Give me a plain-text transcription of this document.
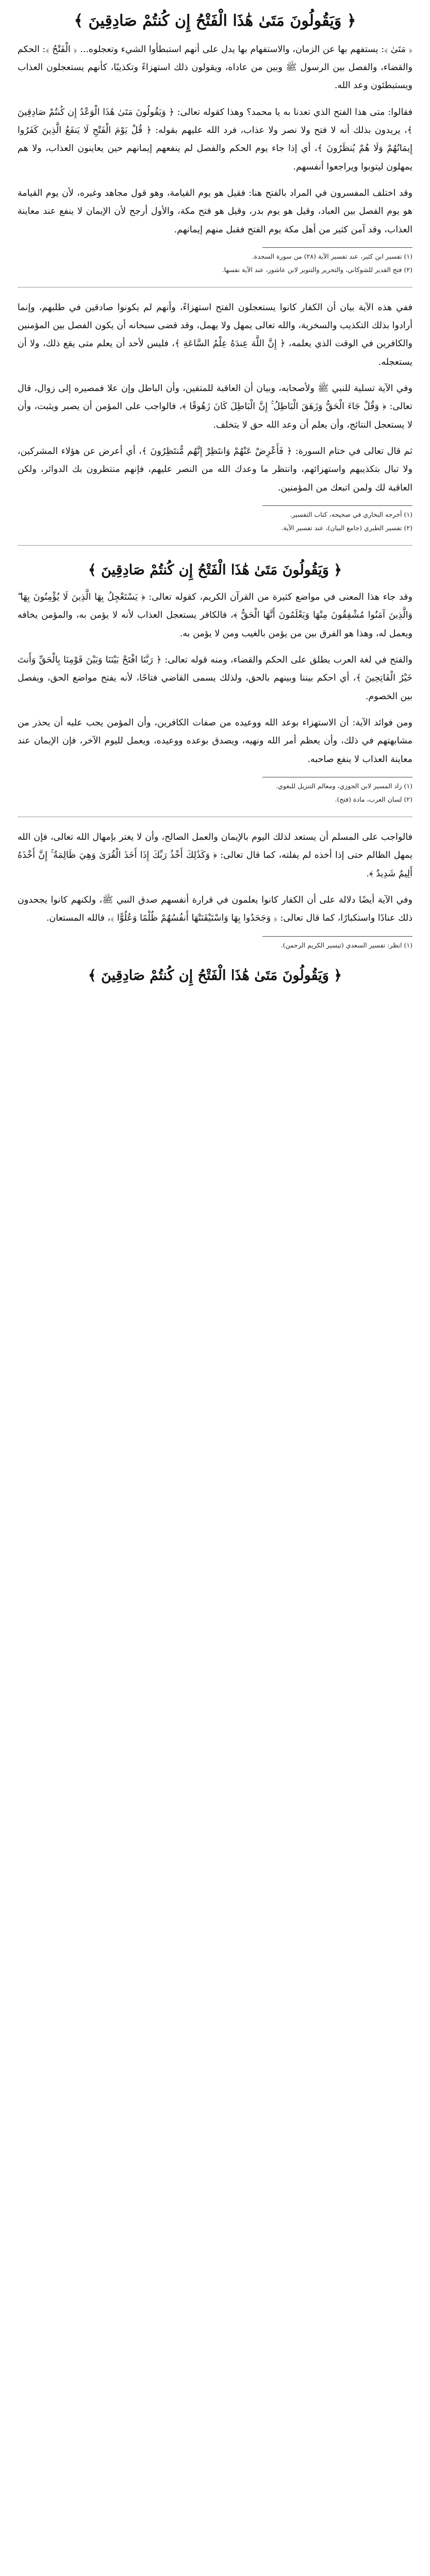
﴿ وَيَقُولُونَ مَتَىٰ هَٰذَا الْفَتْحُ إِن كُنتُمْ صَادِقِينَ ﴾

﴿ مَتَىٰ ﴾: يستفهم بها عن الزمان، والاستفهام بها يدل على أنهم استبطأوا الشيء وتعجلوه... ﴿ الْفَتْحُ ﴾: الحكم والقضاء، والفصل بين الرسول ﷺ وبين من عاداه، ويقولون ذلك استهزاءً وتكذيبًا، كأنهم يستعجلون العذاب ويستبطئون وعد الله.

فقالوا: متى هذا الفتح الذي تعدنا به يا محمد؟ وهذا كقوله تعالى: ﴿ وَيَقُولُونَ مَتَىٰ هَٰذَا الْوَعْدُ إِن كُنتُمْ صَادِقِينَ ﴾، يريدون بذلك أنه لا فتح ولا نصر ولا عذاب، فرد الله عليهم بقوله: ﴿ قُلْ يَوْمَ الْفَتْحِ لَا يَنفَعُ الَّذِينَ كَفَرُوا إِيمَانُهُمْ وَلَا هُمْ يُنظَرُونَ ﴾، أي إذا جاء يوم الحكم والفصل لم ينفعهم إيمانهم حين يعاينون العذاب، ولا هم يمهلون ليتوبوا ويراجعوا أنفسهم.

وقد اختلف المفسرون في المراد بالفتح هنا: فقيل هو يوم القيامة، وهو قول مجاهد وغيره، لأن يوم القيامة هو يوم الفصل بين العباد، وقيل هو يوم بدر، وقيل هو فتح مكة، والأول أرجح لأن الإيمان لا ينفع عند معاينة العذاب، وقد آمن كثير من أهل مكة يوم الفتح فقبل منهم إيمانهم.

(١) تفسير ابن كثير، عند تفسير الآية (٢٨) من سورة السجدة.

(٢) فتح القدير للشوكاني، والتحرير والتنوير لابن عاشور، عند الآية نفسها.

ففي هذه الآية بيان أن الكفار كانوا يستعجلون الفتح استهزاءً، وأنهم لم يكونوا صادقين في طلبهم، وإنما أرادوا بذلك التكذيب والسخرية، والله تعالى يمهل ولا يهمل، وقد قضى سبحانه أن يكون الفصل بين المؤمنين والكافرين في الوقت الذي يعلمه، ﴿ إِنَّ اللَّهَ عِندَهُ عِلْمُ السَّاعَةِ ﴾، فليس لأحد أن يعلم متى يقع ذلك، ولا أن يستعجله.

وفي الآية تسلية للنبي ﷺ ولأصحابه، وبيان أن العاقبة للمتقين، وأن الباطل وإن علا فمصيره إلى زوال، قال تعالى: ﴿ وَقُلْ جَاءَ الْحَقُّ وَزَهَقَ الْبَاطِلُ ۚ إِنَّ الْبَاطِلَ كَانَ زَهُوقًا ﴾، فالواجب على المؤمن أن يصبر ويثبت، وأن لا يستعجل النتائج، وأن يعلم أن وعد الله حق لا يتخلف.

ثم قال تعالى في ختام السورة: ﴿ فَأَعْرِضْ عَنْهُمْ وَانتَظِرْ إِنَّهُم مُّنتَظِرُونَ ﴾، أي أعرض عن هؤلاء المشركين، ولا تبال بتكذيبهم واستهزائهم، وانتظر ما وعدك الله من النصر عليهم، فإنهم منتظرون بك الدوائر، ولكن العاقبة لك ولمن اتبعك من المؤمنين.

(١) أخرجه البخاري في صحيحه، كتاب التفسير.

(٢) تفسير الطبري (جامع البيان)، عند تفسير الآية.

﴿ وَيَقُولُونَ مَتَىٰ هَٰذَا الْفَتْحُ إِن كُنتُمْ صَادِقِينَ ﴾

وقد جاء هذا المعنى في مواضع كثيرة من القرآن الكريم، كقوله تعالى: ﴿ يَسْتَعْجِلُ بِهَا الَّذِينَ لَا يُؤْمِنُونَ بِهَا ۖ وَالَّذِينَ آمَنُوا مُشْفِقُونَ مِنْهَا وَيَعْلَمُونَ أَنَّهَا الْحَقُّ ﴾، فالكافر يستعجل العذاب لأنه لا يؤمن به، والمؤمن يخافه ويعمل له، وهذا هو الفرق بين من يؤمن بالغيب ومن لا يؤمن به.

والفتح في لغة العرب يطلق على الحكم والقضاء، ومنه قوله تعالى: ﴿ رَبَّنَا افْتَحْ بَيْنَنَا وَبَيْنَ قَوْمِنَا بِالْحَقِّ وَأَنتَ خَيْرُ الْفَاتِحِينَ ﴾، أي احكم بيننا وبينهم بالحق، ولذلك يسمى القاضي فتاحًا، لأنه يفتح مواضع الحق، ويفصل بين الخصوم.

ومن فوائد الآية: أن الاستهزاء بوعد الله ووعيده من صفات الكافرين، وأن المؤمن يجب عليه أن يحذر من مشابهتهم في ذلك، وأن يعظم أمر الله ونهيه، ويصدق بوعده ووعيده، ويعمل لليوم الآخر، فإن الإيمان عند معاينة العذاب لا ينفع صاحبه.

(١) زاد المسير لابن الجوزي، ومعالم التنزيل للبغوي.

(٢) لسان العرب، مادة (فتح).

فالواجب على المسلم أن يستعد لذلك اليوم بالإيمان والعمل الصالح، وأن لا يغتر بإمهال الله تعالى، فإن الله يمهل الظالم حتى إذا أخذه لم يفلته، كما قال تعالى: ﴿ وَكَذَٰلِكَ أَخْذُ رَبِّكَ إِذَا أَخَذَ الْقُرَىٰ وَهِيَ ظَالِمَةٌ ۚ إِنَّ أَخْذَهُ أَلِيمٌ شَدِيدٌ ﴾.

وفي الآية أيضًا دلالة على أن الكفار كانوا يعلمون في قرارة أنفسهم صدق النبي ﷺ، ولكنهم كانوا يجحدون ذلك عنادًا واستكبارًا، كما قال تعالى: ﴿ وَجَحَدُوا بِهَا وَاسْتَيْقَنَتْهَا أَنفُسُهُمْ ظُلْمًا وَعُلُوًّا ﴾، فالله المستعان.

(١) انظر: تفسير السعدي (تيسير الكريم الرحمن).

﴿ وَيَقُولُونَ مَتَىٰ هَٰذَا الْفَتْحُ إِن كُنتُمْ صَادِقِينَ ﴾
